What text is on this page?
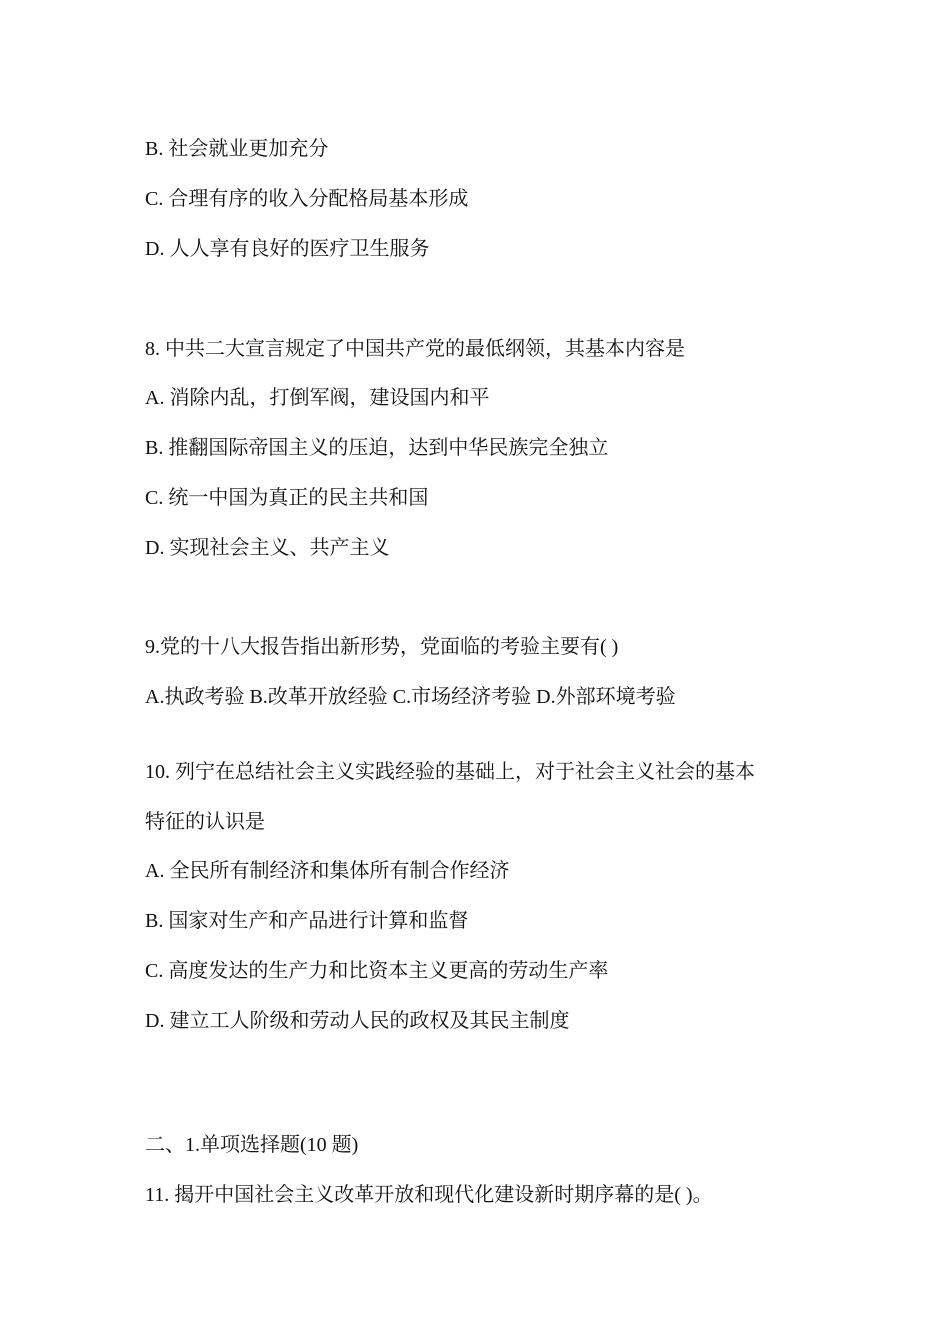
B. 社会就业更加充分

C. 合理有序的收入分配格局基本形成

D. 人人享有良好的医疗卫生服务

8. 中共二大宣言规定了中国共产党的最低纲领，其基本内容是

A. 消除内乱，打倒军阀，建设国内和平

B. 推翻国际帝国主义的压迫，达到中华民族完全独立

C. 统一中国为真正的民主共和国

D. 实现社会主义、共产主义

9.党的十八大报告指出新形势，党面临的考验主要有( )

A.执政考验 B.改革开放经验 C.市场经济考验 D.外部环境考验

10. 列宁在总结社会主义实践经验的基础上，对于社会主义社会的基本

特征的认识是

A. 全民所有制经济和集体所有制合作经济

B. 国家对生产和产品进行计算和监督

C. 高度发达的生产力和比资本主义更高的劳动生产率

D. 建立工人阶级和劳动人民的政权及其民主制度

二、1.单项选择题(10 题)

11. 揭开中国社会主义改革开放和现代化建设新时期序幕的是( )。
